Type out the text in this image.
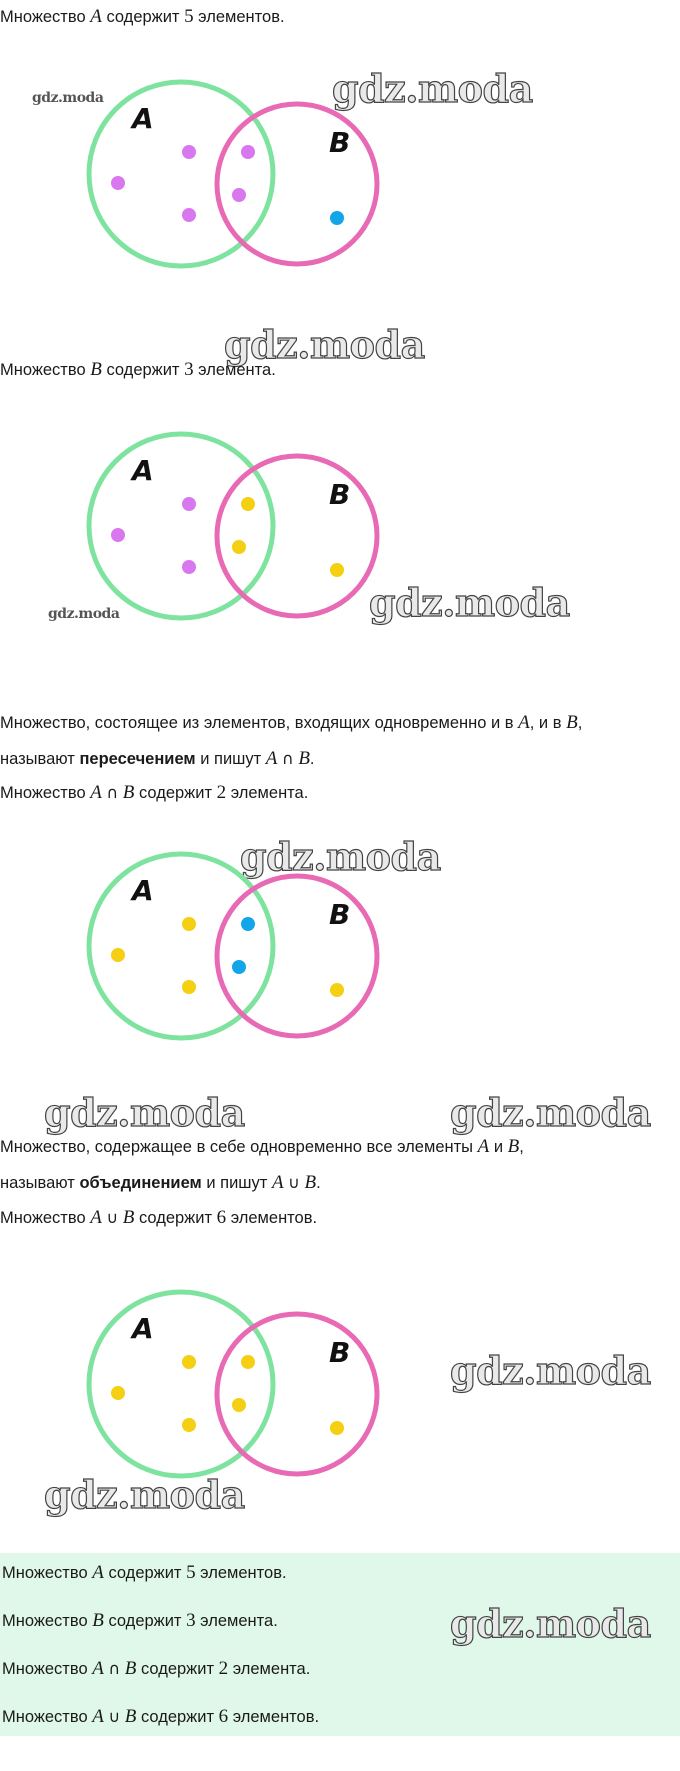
Множество A содержит 5 элементов.
gdz.moda	gdz.moda
A
B
gdz.moda
Множество B содержит 3 элемента.
A
B
gdz.moda	gdz.moda
Множество, состоящее из элементов, входящих одновременно и в A, и в B,
называют пересечением и пишут A ∩ B.
Множество A ∩ B содержит 2 элемента.
gdz.moda
A
B
gdz.moda	gdz.moda
Множество, содержащее в себе одновременно все элементы A и B,
называют объединением и пишут A ∪ B.
Множество A ∪ B содержит 6 элементов.
A
B	gdz.moda
gdz.moda
Множество A содержит 5 элементов.
Множество B содержит 3 элемента.
Множество A ∩ B содержит 2 элемента.
Множество A ∪ B содержит 6 элементов.
gdz.moda
